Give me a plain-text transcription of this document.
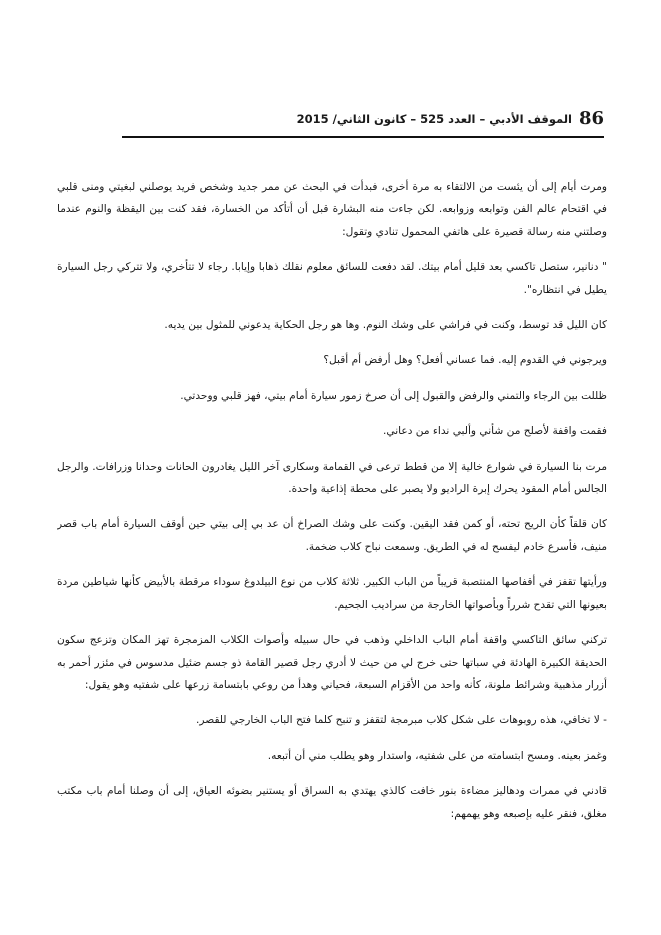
86
الموقف الأدبي – العدد 525 – كانون الثاني/ 2015

ومرت أيام إلى أن يئست من الالتقاء به مرة أخرى، فبدأت في البحث عن ممر جديد وشخص فريد يوصلني لبغيتي ومنى قلبي في اقتحام عالم الفن وتوابعه وزوابعه. لكن جاءت منه البشارة قبل أن أتأكد من الخسارة، فقد كنت بين اليقظة والنوم عندما وصلتني منه رسالة قصيرة على هاتفي المحمول تنادي وتقول:

" دنانير، ستصل تاكسي بعد قليل أمام بيتك. لقد دفعت للسائق معلوم نقلك ذهابا وإيابا. رجاء لا تتأخري، ولا تتركي رجل السيارة يطيل في انتظاره".

كان الليل قد توسط، وكنت في فراشي على وشك النوم. وها هو رجل الحكاية يدعوني للمثول بين يديه.

ويرجوني في القدوم إليه. فما عساني أفعل؟ وهل أرفض أم أقبل؟

ظللت بين الرجاء والتمني والرفض والقبول إلى أن صرخ زمور سيارة أمام بيتي، فهز قلبي ووحدتي.

فقمت واقفة لأصلح من شأني وألبي نداء من دعاني.

مرت بنا السيارة في شوارع خالية إلا من قطط ترعى في القمامة وسكارى آخر الليل يغادرون الحانات وحدانا وزرافات. والرجل الجالس أمام المقود يحرك إبرة الراديو ولا يصبر على محطة إذاعية واحدة.

كان قلقاً كأن الريح تحته، أو كمن فقد اليقين. وكنت على وشك الصراخ أن عد بي إلى بيتي حين أوقف السيارة أمام باب قصر منيف، فأسرع خادم ليفسح له في الطريق. وسمعت نباح كلاب ضخمة.

ورأيتها تقفز في أقفاصها المنتصبة قريباً من الباب الكبير. ثلاثة كلاب من نوع البيلدوغ سوداء مرقطة بالأبيض كأنها شياطين مردة بعيونها التي تقدح شرراً وبأصواتها الخارجة من سراديب الجحيم.

تركني سائق التاكسي واقفة أمام الباب الداخلي وذهب في حال سبيله وأصوات الكلاب المزمجرة تهز المكان وتزعج سكون الحديقة الكبيرة الهادئة في سباتها حتى خرج لي من حيث لا أدري رجل قصير القامة ذو جسم ضئيل مدسوس في مئزر أحمر به أزرار مذهبية وشرائط ملونة، كأنه واحد من الأقزام السبعة، فحياني وهدأ من روعي بابتسامة زرعها على شفتيه وهو يقول:

- لا تخافي، هذه روبوهات على شكل كلاب مبرمجة لتقفز و تنبح كلما فتح الباب الخارجي للقصر.

وغمز بعينه. ومسح ابتسامته من على شفتيه، واستدار وهو يطلب مني أن أتبعه.

قادني في ممرات ودهاليز مضاءة بنور خافت كالذي يهتدي به السراق أو يستنير بضوئه العياق، إلى أن وصلنا أمام باب مكتب مغلق، فنقر عليه بإصبعه وهو يهمهم:
